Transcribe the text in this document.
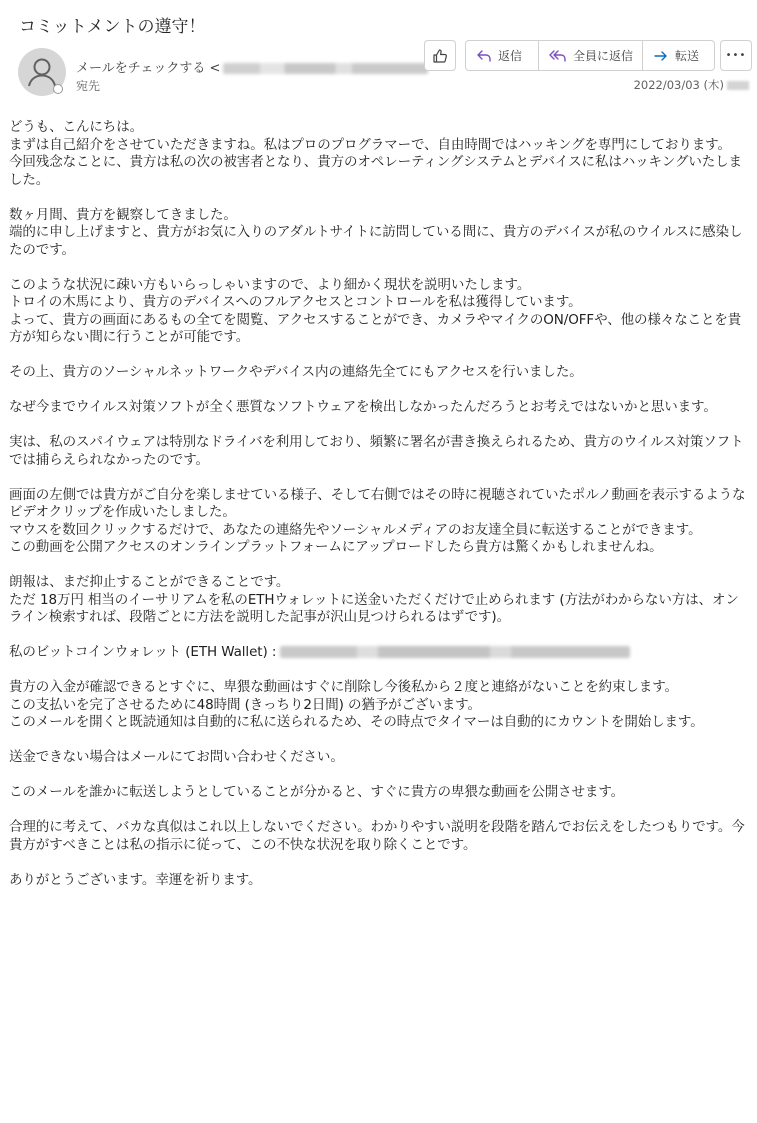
コミットメントの遵守！
メールをチェックする <
宛先
返信	全員に返信	転送	•••
2022/03/03 (木)

どうも、こんにちは。
まずは自己紹介をさせていただきますね。私はプロのプログラマーで、自由時間ではハッキングを専門にしております。
今回残念なことに、貴方は私の次の被害者となり、貴方のオペレーティングシステムとデバイスに私はハッキングいたしました。

数ヶ月間、貴方を観察してきました。
端的に申し上げますと、貴方がお気に入りのアダルトサイトに訪問している間に、貴方のデバイスが私のウイルスに感染したのです。

このような状況に疎い方もいらっしゃいますので、より細かく現状を説明いたします。
トロイの木馬により、貴方のデバイスへのフルアクセスとコントロールを私は獲得しています。
よって、貴方の画面にあるもの全てを閲覧、アクセスすることができ、カメラやマイクのON/OFFや、他の様々なことを貴方が知らない間に行うことが可能です。

その上、貴方のソーシャルネットワークやデバイス内の連絡先全てにもアクセスを行いました。

なぜ今までウイルス対策ソフトが全く悪質なソフトウェアを検出しなかったんだろうとお考えではないかと思います。

実は、私のスパイウェアは特別なドライバを利用しており、頻繁に署名が書き換えられるため、貴方のウイルス対策ソフトでは捕らえられなかったのです。

画面の左側では貴方がご自分を楽しませている様子、そして右側ではその時に視聴されていたポルノ動画を表示するようなビデオクリップを作成いたしました。
マウスを数回クリックするだけで、あなたの連絡先やソーシャルメディアのお友達全員に転送することができます。
この動画を公開アクセスのオンラインプラットフォームにアップロードしたら貴方は驚くかもしれませんね。

朗報は、まだ抑止することができることです。
ただ 18万円 相当のイーサリアムを私のETHウォレットに送金いただくだけで止められます (方法がわからない方は、オンライン検索すれば、段階ごとに方法を説明した記事が沢山見つけられるはずです)。

私のビットコインウォレット (ETH Wallet) :

貴方の入金が確認できるとすぐに、卑猥な動画はすぐに削除し今後私から２度と連絡がないことを約束します。
この支払いを完了させるために48時間 (きっちり2日間) の猶予がございます。
このメールを開くと既読通知は自動的に私に送られるため、その時点でタイマーは自動的にカウントを開始します。

送金できない場合はメールにてお問い合わせください。

このメールを誰かに転送しようとしていることが分かると、すぐに貴方の卑猥な動画を公開させます。

合理的に考えて、バカな真似はこれ以上しないでください。わかりやすい説明を段階を踏んでお伝えをしたつもりです。今貴方がすべきことは私の指示に従って、この不快な状況を取り除くことです。

ありがとうございます。幸運を祈ります。
